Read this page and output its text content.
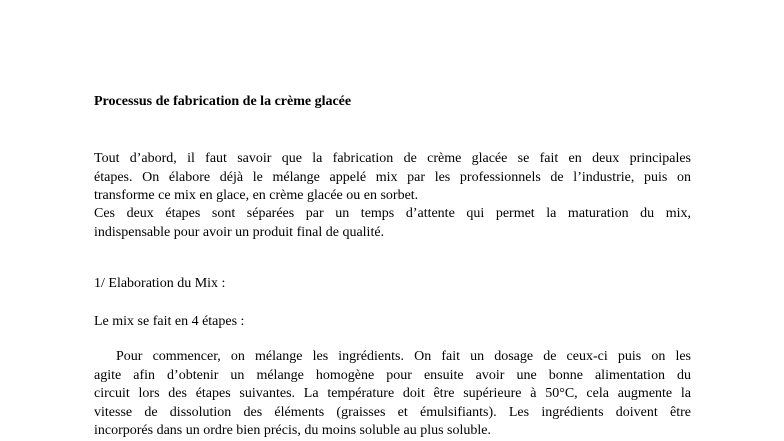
Processus de fabrication de la crème glacée
Tout d’abord, il faut savoir que la fabrication de crème glacée se fait en deux principales
étapes. On élabore déjà le mélange appelé mix par les professionnels de l’industrie, puis on
transforme ce mix en glace, en crème glacée ou en sorbet.
Ces deux étapes sont séparées par un temps d’attente qui permet la maturation du mix,
indispensable pour avoir un produit final de qualité.
1/ Elaboration du Mix :
Le mix se fait en 4 étapes :
Pour commencer, on mélange les ingrédients. On fait un dosage de ceux-ci puis on les
agite afin d’obtenir un mélange homogène pour ensuite avoir une bonne alimentation du
circuit lors des étapes suivantes. La température doit être supérieure à 50°C, cela augmente la
vitesse de dissolution des éléments (graisses et émulsifiants). Les ingrédients doivent être
incorporés dans un ordre bien précis, du moins soluble au plus soluble.
